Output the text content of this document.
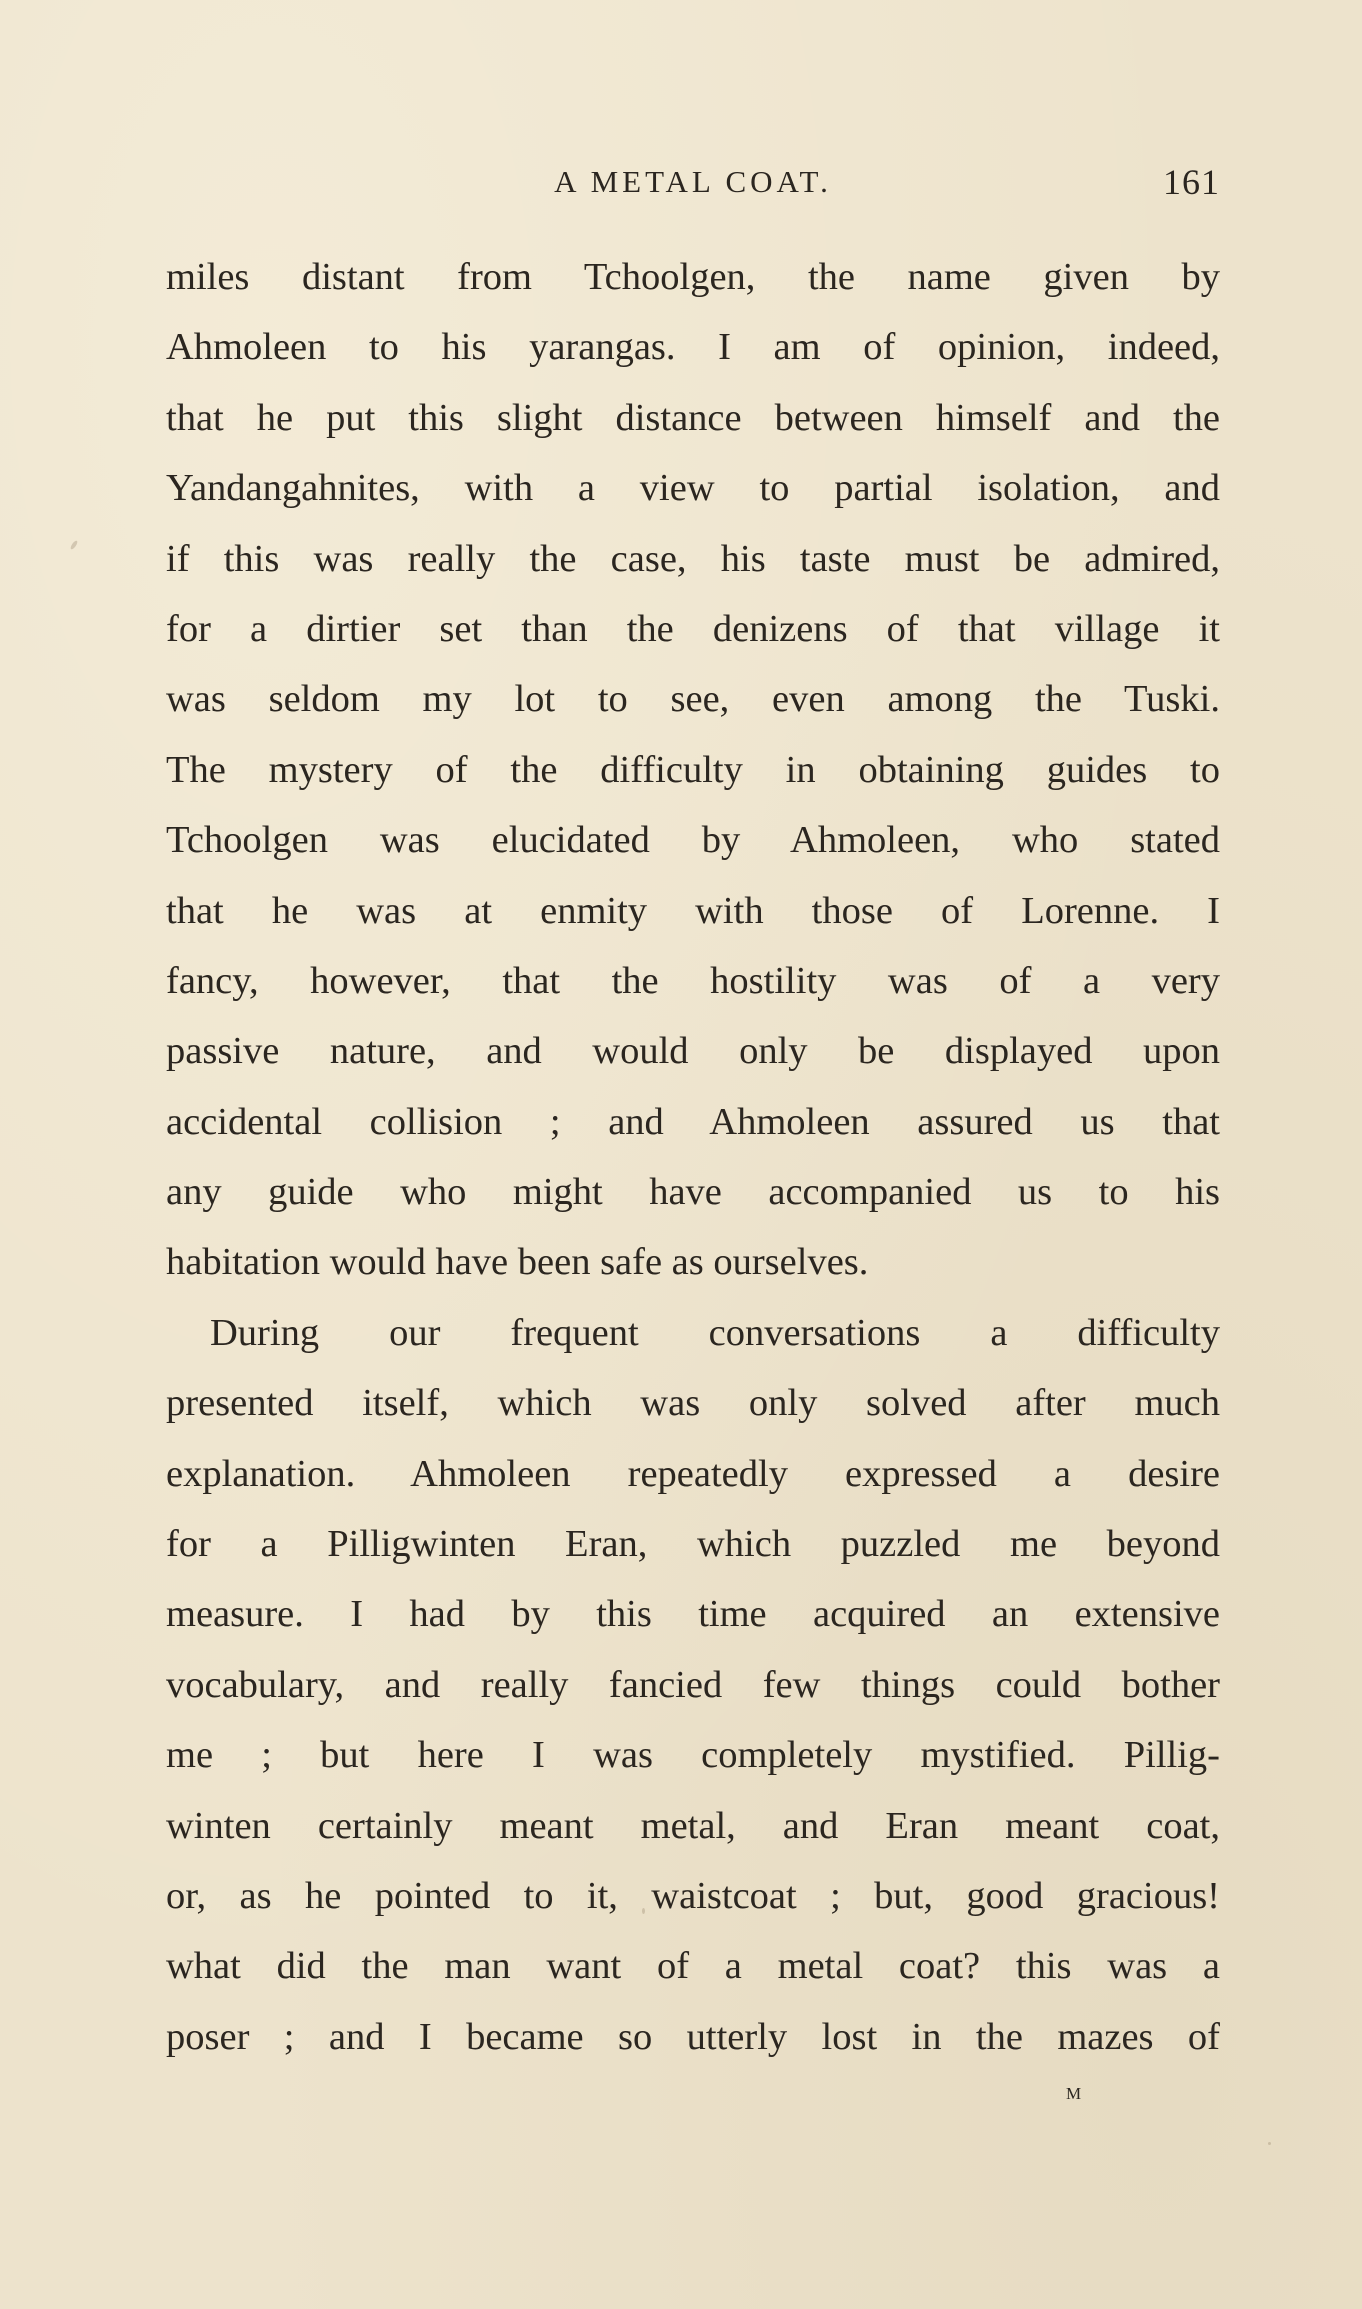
A METAL COAT.	161
miles distant from Tchoolgen, the name given by
Ahmoleen to his yarangas. I am of opinion, indeed,
that he put this slight distance between himself and the
Yandangahnites, with a view to partial isolation, and
if this was really the case, his taste must be admired,
for a dirtier set than the denizens of that village it
was seldom my lot to see, even among the Tuski.
The mystery of the difficulty in obtaining guides to
Tchoolgen was elucidated by Ahmoleen, who stated
that he was at enmity with those of Lorenne. I
fancy, however, that the hostility was of a very
passive nature, and would only be displayed upon
accidental collision ; and Ahmoleen assured us that
any guide who might have accompanied us to his
habitation would have been safe as ourselves.
During our frequent conversations a difficulty
presented itself, which was only solved after much
explanation. Ahmoleen repeatedly expressed a desire
for a Pilligwinten Eran, which puzzled me beyond
measure. I had by this time acquired an extensive
vocabulary, and really fancied few things could bother
me ; but here I was completely mystified. Pillig-
winten certainly meant metal, and Eran meant coat,
or, as he pointed to it, waistcoat ; but, good gracious!
what did the man want of a metal coat? this was a
poser ; and I became so utterly lost in the mazes of
M
